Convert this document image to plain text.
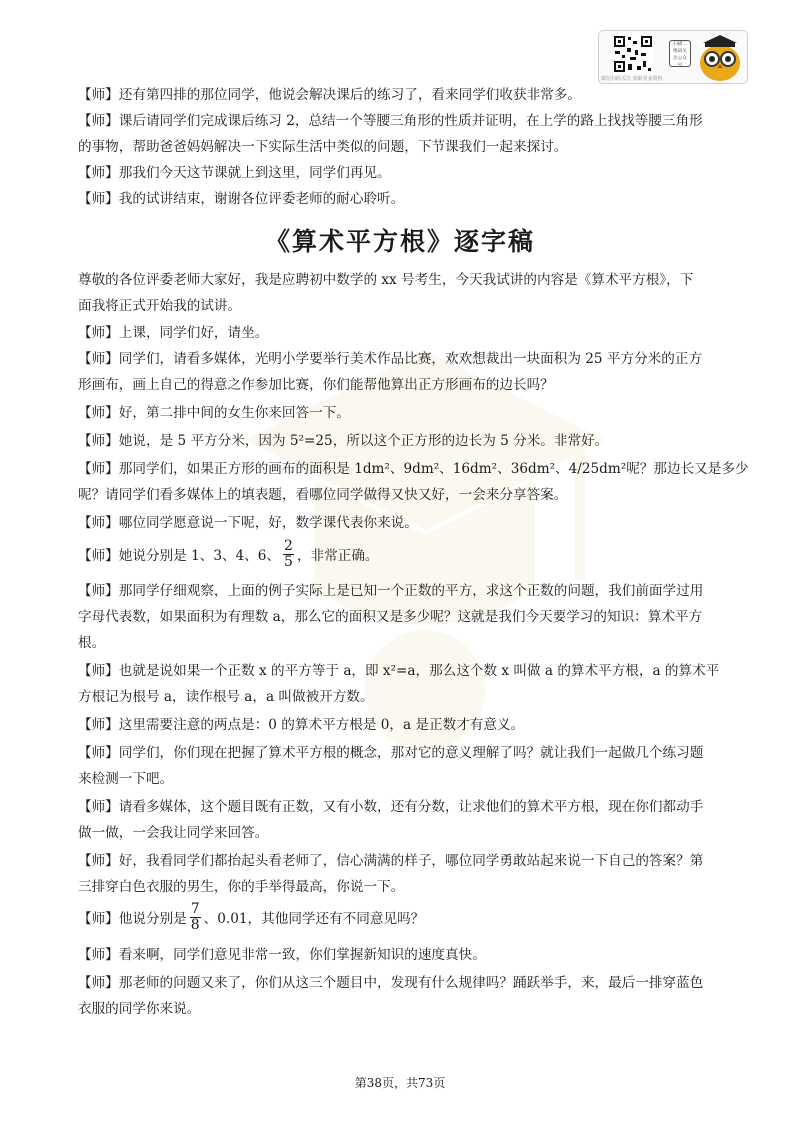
扫描二
维码关
注公众
号
微信扫码关注 获取更多资料
【师】还有第四排的那位同学，他说会解决课后的练习了，看来同学们收获非常多。
【师】课后请同学们完成课后练习 2，总结一个等腰三角形的性质并证明，在上学的路上找找等腰三角形
的事物，帮助爸爸妈妈解决一下实际生活中类似的问题，下节课我们一起来探讨。
【师】那我们今天这节课就上到这里，同学们再见。
【师】我的试讲结束，谢谢各位评委老师的耐心聆听。
《算术平方根》逐字稿
尊敬的各位评委老师大家好，我是应聘初中数学的 xx 号考生，今天我试讲的内容是《算术平方根》，下
面我将正式开始我的试讲。
【师】上课，同学们好，请坐。
【师】同学们，请看多媒体，光明小学要举行美术作品比赛，欢欢想裁出一块面积为 25 平方分米的正方
形画布，画上自己的得意之作参加比赛，你们能帮他算出正方形画布的边长吗？
【师】好，第二排中间的女生你来回答一下。
【师】她说，是 5 平方分米，因为 5²=25，所以这个正方形的边长为 5 分米。非常好。
【师】那同学们，如果正方形的画布的面积是 1dm²、9dm²、16dm²、36dm²、4/25dm²呢？那边长又是多少
呢？请同学们看多媒体上的填表题，看哪位同学做得又快又好，一会来分享答案。
【师】哪位同学愿意说一下呢，好，数学课代表你来说。
【师】她说分别是 1、3、4、6、 $\frac{2}{5}$ ，非常正确。
【师】那同学仔细观察，上面的例子实际上是已知一个正数的平方，求这个正数的问题，我们前面学过用
字母代表数，如果面积为有理数 a，那么它的面积又是多少呢？这就是我们今天要学习的知识：算术平方
根。
【师】也就是说如果一个正数 x 的平方等于 a，即 x²=a，那么这个数 x 叫做 a 的算术平方根，a 的算术平
方根记为根号 a，读作根号 a，a 叫做被开方数。
【师】这里需要注意的两点是：0 的算术平方根是 0，a 是正数才有意义。
【师】同学们，你们现在把握了算术平方根的概念，那对它的意义理解了吗？就让我们一起做几个练习题
来检测一下吧。
【师】请看多媒体，这个题目既有正数，又有小数，还有分数，让求他们的算术平方根，现在你们都动手
做一做，一会我让同学来回答。
【师】好，我看同学们都抬起头看老师了，信心满满的样子，哪位同学勇敢站起来说一下自己的答案？第
三排穿白色衣服的男生，你的手举得最高，你说一下。
【师】他说分别是 $\frac{7}{8}$ 、0.01，其他同学还有不同意见吗？
【师】看来啊，同学们意见非常一致，你们掌握新知识的速度真快。
【师】那老师的问题又来了，你们从这三个题目中，发现有什么规律吗？踊跃举手，来，最后一排穿蓝色
衣服的同学你来说。
第38页，共73页
